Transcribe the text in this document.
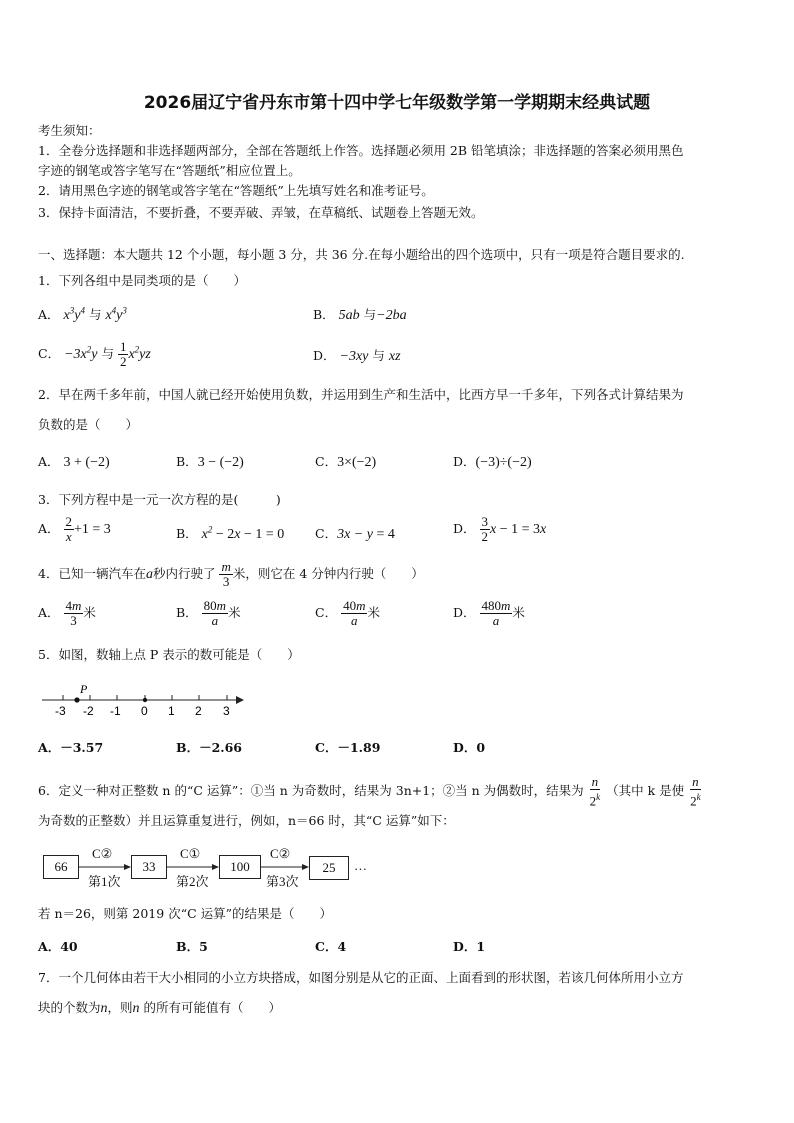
2026届辽宁省丹东市第十四中学七年级数学第一学期期末经典试题
考生须知：
1．全卷分选择题和非选择题两部分，全部在答题纸上作答。选择题必须用 2B 铅笔填涂；非选择题的答案必须用黑色
字迹的钢笔或答字笔写在“答题纸”相应位置上。
2．请用黑色字迹的钢笔或答字笔在“答题纸”上先填写姓名和准考证号。
3．保持卡面清洁，不要折叠，不要弄破、弄皱，在草稿纸、试题卷上答题无效。
一、选择题：本大题共 12 个小题，每小题 3 分，共 36 分.在每小题给出的四个选项中，只有一项是符合题目要求的.
1．下列各组中是同类项的是（　　）
A． $x^3y^4$ 与 $x^4y^3$	B． 5ab 与−2ba
C． $-3x^2y$ 与 $\frac{1}{2} x^2yz$	D． −3xy 与 xz
2．早在两千多年前，中国人就已经开始使用负数，并运用到生产和生活中，比西方早一千多年，下列各式计算结果为
负数的是（　　）
A． 3 + (−2)	B．3 − (−2)	C．3×(−2)	D．(−3)÷(−2)
3．下列方程中是一元一次方程的是(　　　)
A． $\frac{2}{x} +1 = 3$	B． $x^2 - 2x - 1 = 0$ C．3x − y = 4	D． $\frac{3}{2}$ x − 1 = 3x
4．已知一辆汽车在a秒内行驶了 $\frac{m}{3}$ 米，则它在 4 分钟内行驶（　　）
A． $\frac{4m}{3}$ 米	B． $\frac{80m}{a}$ 米	C． $\frac{40m}{a}$ 米	D． $\frac{480m}{a}$ 米
5．如图，数轴上点 P 表示的数可能是（　　）
P
-3 -2 -1 0 1 2 3
A．－3.57	B．－2.66	C．－1.89	D．0
6．定义一种对正整数 n 的“C 运算”：①当 n 为奇数时，结果为 3n+1；②当 n 为偶数时，结果为 $\frac{n}{2^k}$ （其中 k 是使 $\frac{n}{2^k}$
为奇数的正整数）并且运算重复进行，例如，n＝66 时，其“C 运算”如下：
66	33	100	25
C②	C①	C②
第1次	第2次	第3次
…
若 n＝26，则第 2019 次“C 运算”的结果是（　　）
A．40	B．5	C．4	D．1
7．一个几何体由若干大小相同的小立方块搭成，如图分别是从它的正面、上面看到的形状图，若该几何体所用小立方
块的个数为n，则n 的所有可能值有（　　）
